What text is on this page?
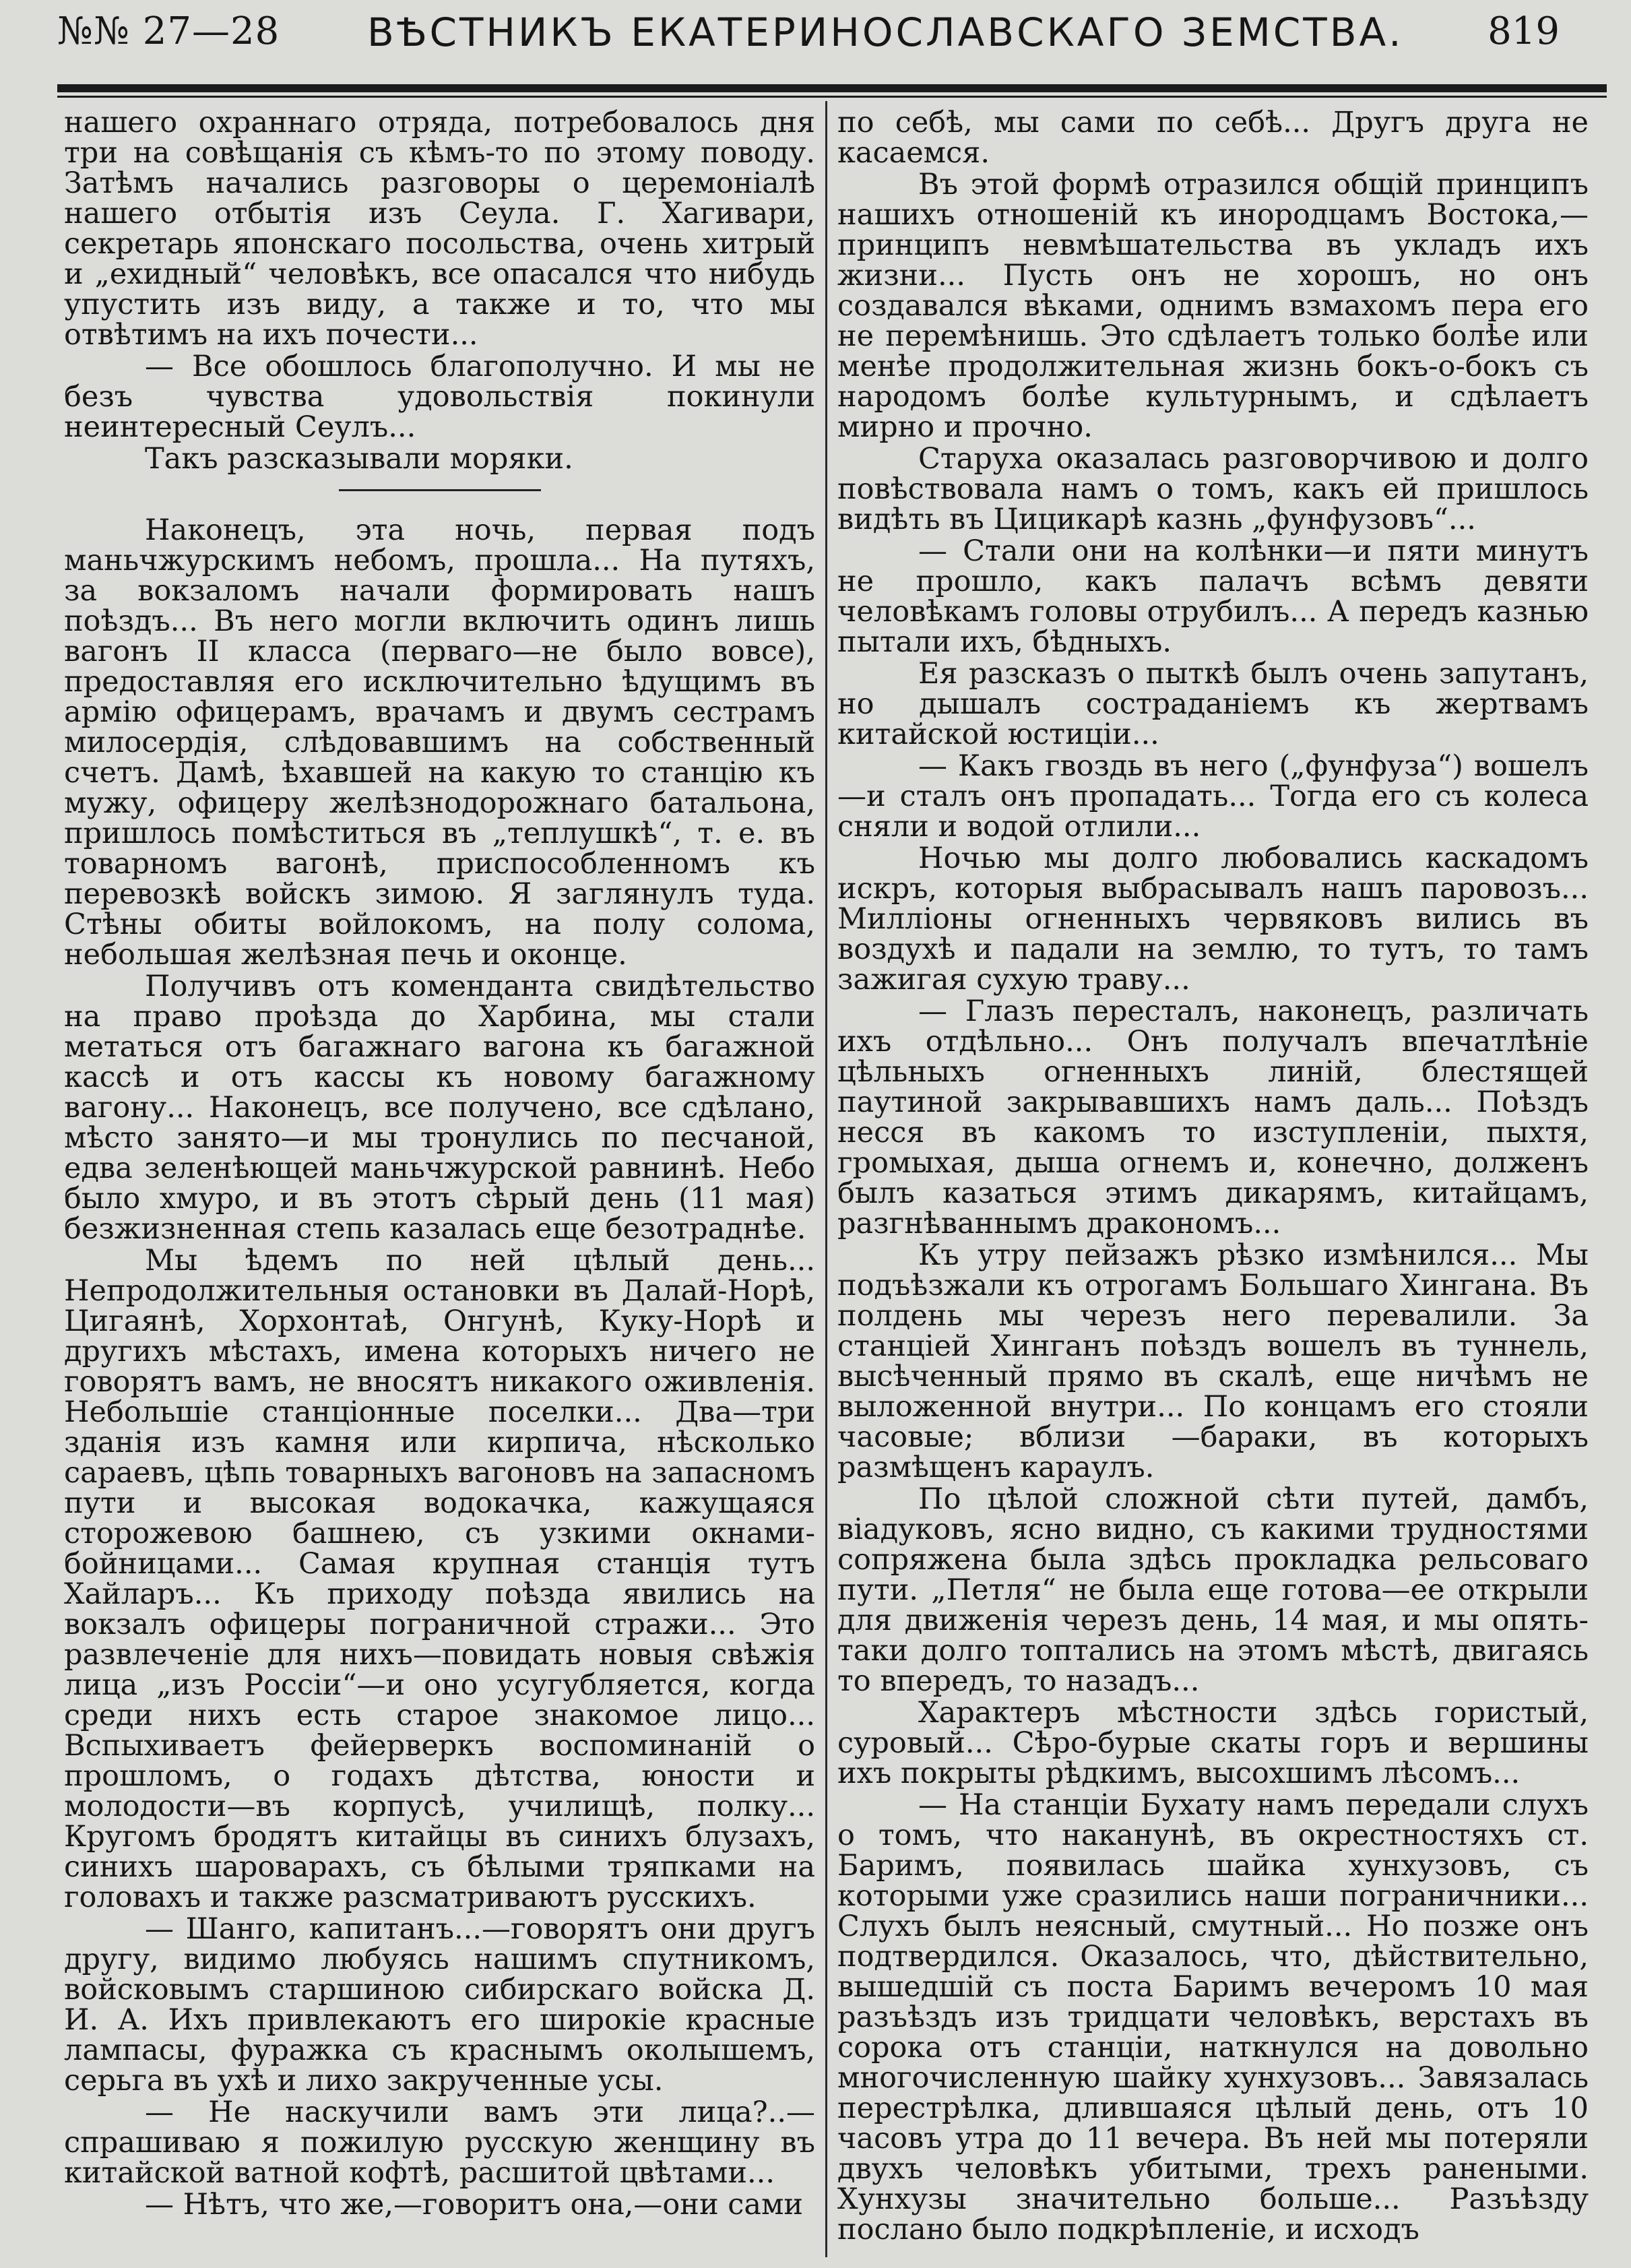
№№ 27—28 ВѢСТНИКЪ ЕКАТЕРИНОСЛАВСКАГО ЗЕМСТВА. 819

нашего охраннаго отряда, потребовалось дня три на совѣщанія съ кѣмъ-то по этому поводу. Затѣмъ начались разговоры о церемоніалѣ нашего отбытія изъ Сеула. Г. Хагивари, секретарь японскаго посольства, очень хитрый и „ехидный“ человѣкъ, все опасался что нибудь упустить изъ виду, а также и то, что мы отвѣтимъ на ихъ почести...

— Все обошлось благополучно. И мы не безъ чувства удовольствія покинули неинтересный Сеулъ...

Такъ разсказывали моряки.

Наконецъ, эта ночь, первая подъ маньчжурскимъ небомъ, прошла... На путяхъ, за вокзаломъ начали формировать нашъ поѣздъ... Въ него могли включить одинъ лишь вагонъ II класса (перваго—не было вовсе), предоставляя его исключительно ѣдущимъ въ армію офицерамъ, врачамъ и двумъ сестрамъ милосердія, слѣдовавшимъ на собственный счетъ. Дамѣ, ѣхавшей на какую то станцію къ мужу, офицеру желѣзнодорожнаго батальона, пришлось помѣститься въ „теплушкѣ“, т. е. въ товарномъ вагонѣ, приспособленномъ къ перевозкѣ войскъ зимою. Я заглянулъ туда. Стѣны обиты войлокомъ, на полу солома, небольшая желѣзная печь и оконце.

Получивъ отъ коменданта свидѣтельство на право проѣзда до Харбина, мы стали метаться отъ багажнаго вагона къ багажной кассѣ и отъ кассы къ новому багажному вагону... Наконецъ, все получено, все сдѣлано, мѣсто занято—и мы тронулись по песчаной, едва зеленѣющей маньчжурской равнинѣ. Небо было хмуро, и въ этотъ сѣрый день (11 мая) безжизненная степь казалась еще безотраднѣе.

Мы ѣдемъ по ней цѣлый день... Непродолжительныя остановки въ Далай-Норѣ, Цигаянѣ, Хорхонтаѣ, Онгунѣ, Куку-Норѣ и другихъ мѣстахъ, имена которыхъ ничего не говорятъ вамъ, не вносятъ никакого оживленія. Небольшіе станціонные поселки... Два—три зданія изъ камня или кирпича, нѣсколько сараевъ, цѣпь товарныхъ вагоновъ на запасномъ пути и высокая водокачка, кажущаяся сторожевою башнею, съ узкими окнами-бойницами... Самая крупная станція тутъ Хайларъ... Къ приходу поѣзда явились на вокзалъ офицеры пограничной стражи... Это развлеченіе для нихъ—повидать новыя свѣжія лица „изъ Россіи“—и оно усугубляется, когда среди нихъ есть старое знакомое лицо... Вспыхиваетъ фейерверкъ воспоминаній о прошломъ, о годахъ дѣтства, юности и молодости—въ корпусѣ, училищѣ, полку... Кругомъ бродятъ китайцы въ синихъ блузахъ, синихъ шароварахъ, съ бѣлыми тряпками на головахъ и также разсматриваютъ русскихъ.

— Шанго, капитанъ...—говорятъ они другъ другу, видимо любуясь нашимъ спутникомъ, войсковымъ старшиною сибирскаго войска Д. И. А. Ихъ привлекаютъ его широкіе красные лампасы, фуражка съ краснымъ околышемъ, серьга въ ухѣ и лихо закрученные усы.

— Не наскучили вамъ эти лица?..—спрашиваю я пожилую русскую женщину въ китайской ватной кофтѣ, расшитой цвѣтами...

— Нѣтъ, что же,—говоритъ она,—они сами

по себѣ, мы сами по себѣ... Другъ друга не касаемся.

Въ этой формѣ отразился общій принципъ нашихъ отношеній къ инородцамъ Востока,—принципъ невмѣшательства въ укладъ ихъ жизни... Пусть онъ не хорошъ, но онъ создавался вѣками, однимъ взмахомъ пера его не перемѣнишь. Это сдѣлаетъ только болѣе или менѣе продолжительная жизнь бокъ-о-бокъ съ народомъ болѣе культурнымъ, и сдѣлаетъ мирно и прочно.

Старуха оказалась разговорчивою и долго повѣствовала намъ о томъ, какъ ей пришлось видѣть въ Цицикарѣ казнь „фунфузовъ“...

— Стали они на колѣнки—и пяти минутъ не прошло, какъ палачъ всѣмъ девяти человѣкамъ головы отрубилъ... А передъ казнью пытали ихъ, бѣдныхъ.

Ея разсказъ о пыткѣ былъ очень запутанъ, но дышалъ состраданіемъ къ жертвамъ китайской юстиціи...

— Какъ гвоздь въ него („фунфуза“) вошелъ —и сталъ онъ пропадать... Тогда его съ колеса сняли и водой отлили...

Ночью мы долго любовались каскадомъ искръ, которыя выбрасывалъ нашъ паровозъ... Милліоны огненныхъ червяковъ вились въ воздухѣ и падали на землю, то тутъ, то тамъ зажигая сухую траву...

— Глазъ пересталъ, наконецъ, различать ихъ отдѣльно... Онъ получалъ впечатлѣніе цѣльныхъ огненныхъ линій, блестящей паутиной закрывавшихъ намъ даль... Поѣздъ несся въ какомъ то изступленіи, пыхтя, громыхая, дыша огнемъ и, конечно, долженъ былъ казаться этимъ дикарямъ, китайцамъ, разгнѣваннымъ дракономъ...

Къ утру пейзажъ рѣзко измѣнился... Мы подъѣзжали къ отрогамъ Большаго Хингана. Въ полдень мы черезъ него перевалили. За станціей Хинганъ поѣздъ вошелъ въ туннель, высѣченный прямо въ скалѣ, еще ничѣмъ не выложенной внутри... По концамъ его стояли часовые; вблизи —бараки, въ которыхъ размѣщенъ караулъ.

По цѣлой сложной сѣти путей, дамбъ, віадуковъ, ясно видно, съ какими трудностями сопряжена была здѣсь прокладка рельсоваго пути. „Петля“ не была еще готова—ее открыли для движенія черезъ день, 14 мая, и мы опять-таки долго топтались на этомъ мѣстѣ, двигаясь то впередъ, то назадъ...

Характеръ мѣстности здѣсь гористый, суровый... Сѣро-бурые скаты горъ и вершины ихъ покрыты рѣдкимъ, высохшимъ лѣсомъ...

— На станціи Бухату намъ передали слухъ о томъ, что наканунѣ, въ окрестностяхъ ст. Баримъ, появилась шайка хунхузовъ, съ которыми уже сразились наши пограничники... Слухъ былъ неясный, смутный... Но позже онъ подтвердился. Оказалось, что, дѣйствительно, вышедшій съ поста Баримъ вечеромъ 10 мая разъѣздъ изъ тридцати человѣкъ, верстахъ въ сорока отъ станціи, наткнулся на довольно многочисленную шайку хунхузовъ... Завязалась перестрѣлка, длившаяся цѣлый день, отъ 10 часовъ утра до 11 вечера. Въ ней мы потеряли двухъ человѣкъ убитыми, трехъ ранеными. Хунхузы значительно больше... Разъѣзду послано было подкрѣпленіе, и исходъ
